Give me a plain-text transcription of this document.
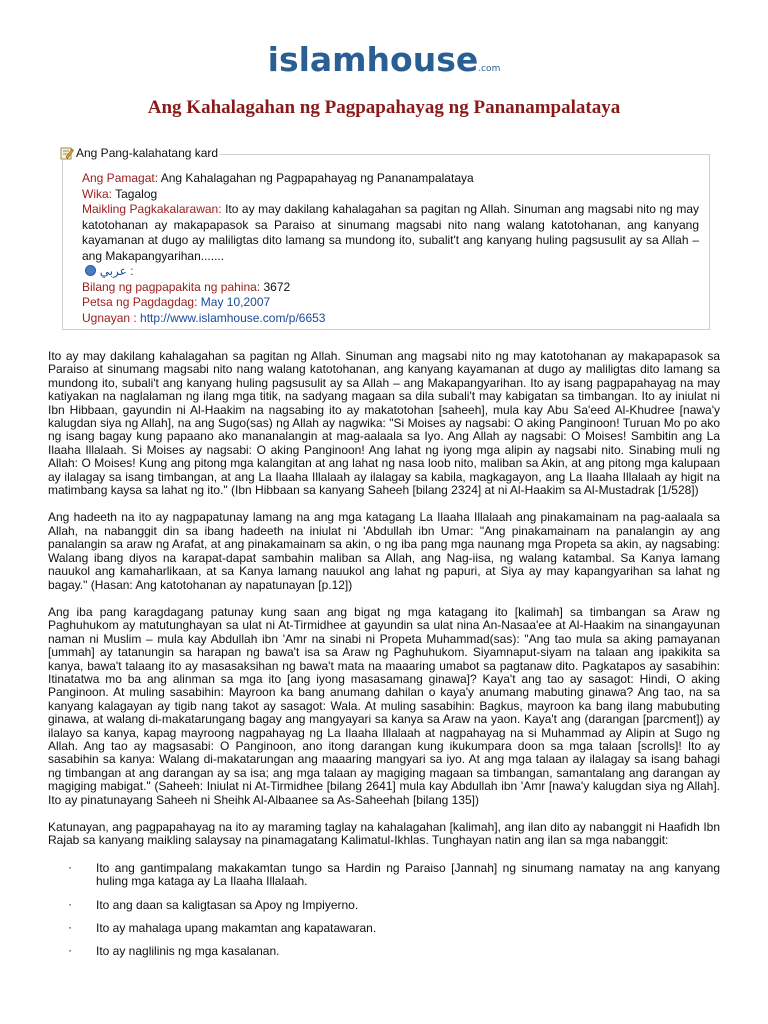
islamhouse.com
Ang Kahalagahan ng Pagpapahayag ng Pananampalataya
Ang Pang-kalahatang kard
Ang Pamagat: Ang Kahalagahan ng Pagpapahayag ng Pananampalataya
Wika: Tagalog
Maikling Pagkakalarawan: Ito ay may dakilang kahalagahan sa pagitan ng Allah. Sinuman ang magsabi nito ng may katotohanan ay makapapasok sa Paraiso at sinumang magsabi nito nang walang katotohanan, ang kanyang kayamanan at dugo ay maliligtas dito lamang sa mundong ito, subalit't ang kanyang huling pagsusulit ay sa Allah – ang Makapangyarihan.......
عربي :
Bilang ng pagpapakita ng pahina: 3672
Petsa ng Pagdagdag: May 10,2007
Ugnayan : http://www.islamhouse.com/p/6653

Ito ay may dakilang kahalagahan sa pagitan ng Allah. Sinuman ang magsabi nito ng may katotohanan ay makapapasok sa Paraiso at sinumang magsabi nito nang walang katotohanan, ang kanyang kayamanan at dugo ay maliligtas dito lamang sa mundong ito, subali't ang kanyang huling pagsusulit ay sa Allah – ang Makapangyarihan. Ito ay isang pagpapahayag na may katiyakan na naglalaman ng ilang mga titik, na sadyang magaan sa dila subali't may kabigatan sa timbangan. Ito ay iniulat ni Ibn Hibbaan, gayundin ni Al-Haakim na nagsabing ito ay makatotohan [saheeh], mula kay Abu Sa'eed Al-Khudree [nawa'y kalugdan siya ng Allah], na ang Sugo(sas) ng Allah ay nagwika: "Si Moises ay nagsabi: O aking Panginoon! Turuan Mo po ako ng isang bagay kung papaano ako mananalangin at mag-aalaala sa Iyo. Ang Allah ay nagsabi: O Moises! Sambitin ang La Ilaaha Illalaah. Si Moises ay nagsabi: O aking Panginoon! Ang lahat ng iyong mga alipin ay nagsabi nito. Sinabing muli ng Allah: O Moises! Kung ang pitong mga kalangitan at ang lahat ng nasa loob nito, maliban sa Akin, at ang pitong mga kalupaan ay ilalagay sa isang timbangan, at ang La Ilaaha Illalaah ay ilalagay sa kabila, magkagayon, ang La Ilaaha Illalaah ay higit na matimbang kaysa sa lahat ng ito." (Ibn Hibbaan sa kanyang Saheeh [bilang 2324] at ni Al-Haakim sa Al-Mustadrak [1/528])

Ang hadeeth na ito ay nagpapatunay lamang na ang mga katagang La Ilaaha Illalaah ang pinakamainam na pag-aalaala sa Allah, na nabanggit din sa ibang hadeeth na iniulat ni 'Abdullah ibn Umar: "Ang pinakamainam na panalangin ay ang panalangin sa araw ng Arafat, at ang pinakamainam sa akin, o ng iba pang mga naunang mga Propeta sa akin, ay nagsabing: Walang ibang diyos na karapat-dapat sambahin maliban sa Allah, ang Nag-iisa, ng walang katambal. Sa Kanya lamang nauukol ang kamaharlikaan, at sa Kanya lamang nauukol ang lahat ng papuri, at Siya ay may kapangyarihan sa lahat ng bagay." (Hasan: Ang katotohanan ay napatunayan [p.12])

Ang iba pang karagdagang patunay kung saan ang bigat ng mga katagang ito [kalimah] sa timbangan sa Araw ng Paghuhukom ay matutunghayan sa ulat ni At-Tirmidhee at gayundin sa ulat nina An-Nasaa'ee at Al-Haakim na sinangayunan naman ni Muslim – mula kay Abdullah ibn 'Amr na sinabi ni Propeta Muhammad(sas): "Ang tao mula sa aking pamayanan [ummah] ay tatanungin sa harapan ng bawa't isa sa Araw ng Paghuhukom. Siyamnaput-siyam na talaan ang ipakikita sa kanya, bawa't talaang ito ay masasaksihan ng bawa't mata na maaaring umabot sa pagtanaw dito. Pagkatapos ay sasabihin: Itinatatwa mo ba ang alinman sa mga ito [ang iyong masasamang ginawa]? Kaya't ang tao ay sasagot: Hindi, O aking Panginoon. At muling sasabihin: Mayroon ka bang anumang dahilan o kaya'y anumang mabuting ginawa? Ang tao, na sa kanyang kalagayan ay tigib nang takot ay sasagot: Wala. At muling sasabihin: Bagkus, mayroon ka bang ilang mabubuting ginawa, at walang di-makatarungang bagay ang mangyayari sa kanya sa Araw na yaon. Kaya't ang (darangan [parcment]) ay ilalayo sa kanya, kapag mayroong nagpahayag ng La Ilaaha Illalaah at nagpahayag na si Muhammad ay Alipin at Sugo ng Allah. Ang tao ay magsasabi: O Panginoon, ano itong darangan kung ikukumpara doon sa mga talaan [scrolls]! Ito ay sasabihin sa kanya: Walang di-makatarungan ang maaaring mangyari sa iyo. At ang mga talaan ay ilalagay sa isang bahagi ng timbangan at ang darangan ay sa isa; ang mga talaan ay magiging magaan sa timbangan, samantalang ang darangan ay magiging mabigat." (Saheeh: Iniulat ni At-Tirmidhee [bilang 2641] mula kay Abdullah ibn 'Amr [nawa'y kalugdan siya ng Allah]. Ito ay pinatunayang Saheeh ni Sheihk Al-Albaanee sa As-Saheehah [bilang 135])

Katunayan, ang pagpapahayag na ito ay maraming taglay na kahalagahan [kalimah], ang ilan dito ay nabanggit ni Haafidh Ibn Rajab sa kanyang maikling salaysay na pinamagatang Kalimatul-Ikhlas. Tunghayan natin ang ilan sa mga nabanggit:

· Ito ang gantimpalang makakamtan tungo sa Hardin ng Paraiso [Jannah] ng sinumang namatay na ang kanyang huling mga kataga ay La Ilaaha Illalaah.
· Ito ang daan sa kaligtasan sa Apoy ng Impiyerno.
· Ito ay mahalaga upang makamtan ang kapatawaran.
· Ito ay naglilinis ng mga kasalanan.
